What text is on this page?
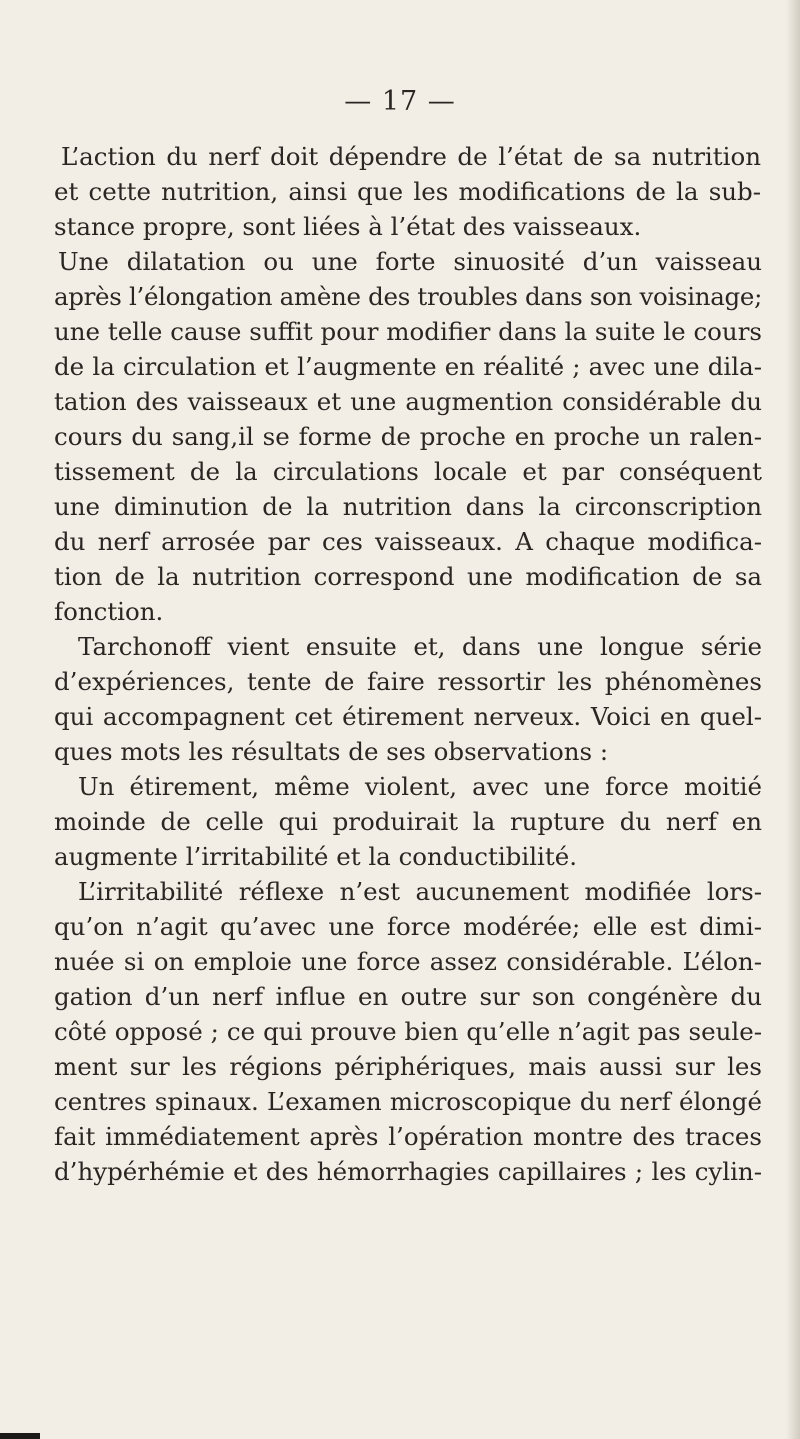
— 17 —
L’action du nerf doit dépendre de l’état de sa nutrition
et cette nutrition, ainsi que les modifications de la sub-
stance propre, sont liées à l’état des vaisseaux.
Une dilatation ou une forte sinuosité d’un vaisseau
après l’élongation amène des troubles dans son voisinage;
une telle cause suffit pour modifier dans la suite le cours
de la circulation et l’augmente en réalité ; avec une dila-
tation des vaisseaux et une augmention considérable du
cours du sang,il se forme de proche en proche un ralen-
tissement de la circulations locale et par conséquent
une diminution de la nutrition dans la circonscription
du nerf arrosée par ces vaisseaux. A chaque modifica-
tion de la nutrition correspond une modification de sa
fonction.
Tarchonoff vient ensuite et, dans une longue série
d’expériences, tente de faire ressortir les phénomènes
qui accompagnent cet étirement nerveux. Voici en quel-
ques mots les résultats de ses observations :
Un étirement, même violent, avec une force moitié
moinde de celle qui produirait la rupture du nerf en
augmente l’irritabilité et la conductibilité.
L’irritabilité réflexe n’est aucunement modifiée lors-
qu’on n’agit qu’avec une force modérée; elle est dimi-
nuée si on emploie une force assez considérable. L’élon-
gation d’un nerf influe en outre sur son congénère du
côté opposé ; ce qui prouve bien qu’elle n’agit pas seule-
ment sur les régions périphériques, mais aussi sur les
centres spinaux. L’examen microscopique du nerf élongé
fait immédiatement après l’opération montre des traces
d’hypérhémie et des hémorrhagies capillaires ; les cylin-
